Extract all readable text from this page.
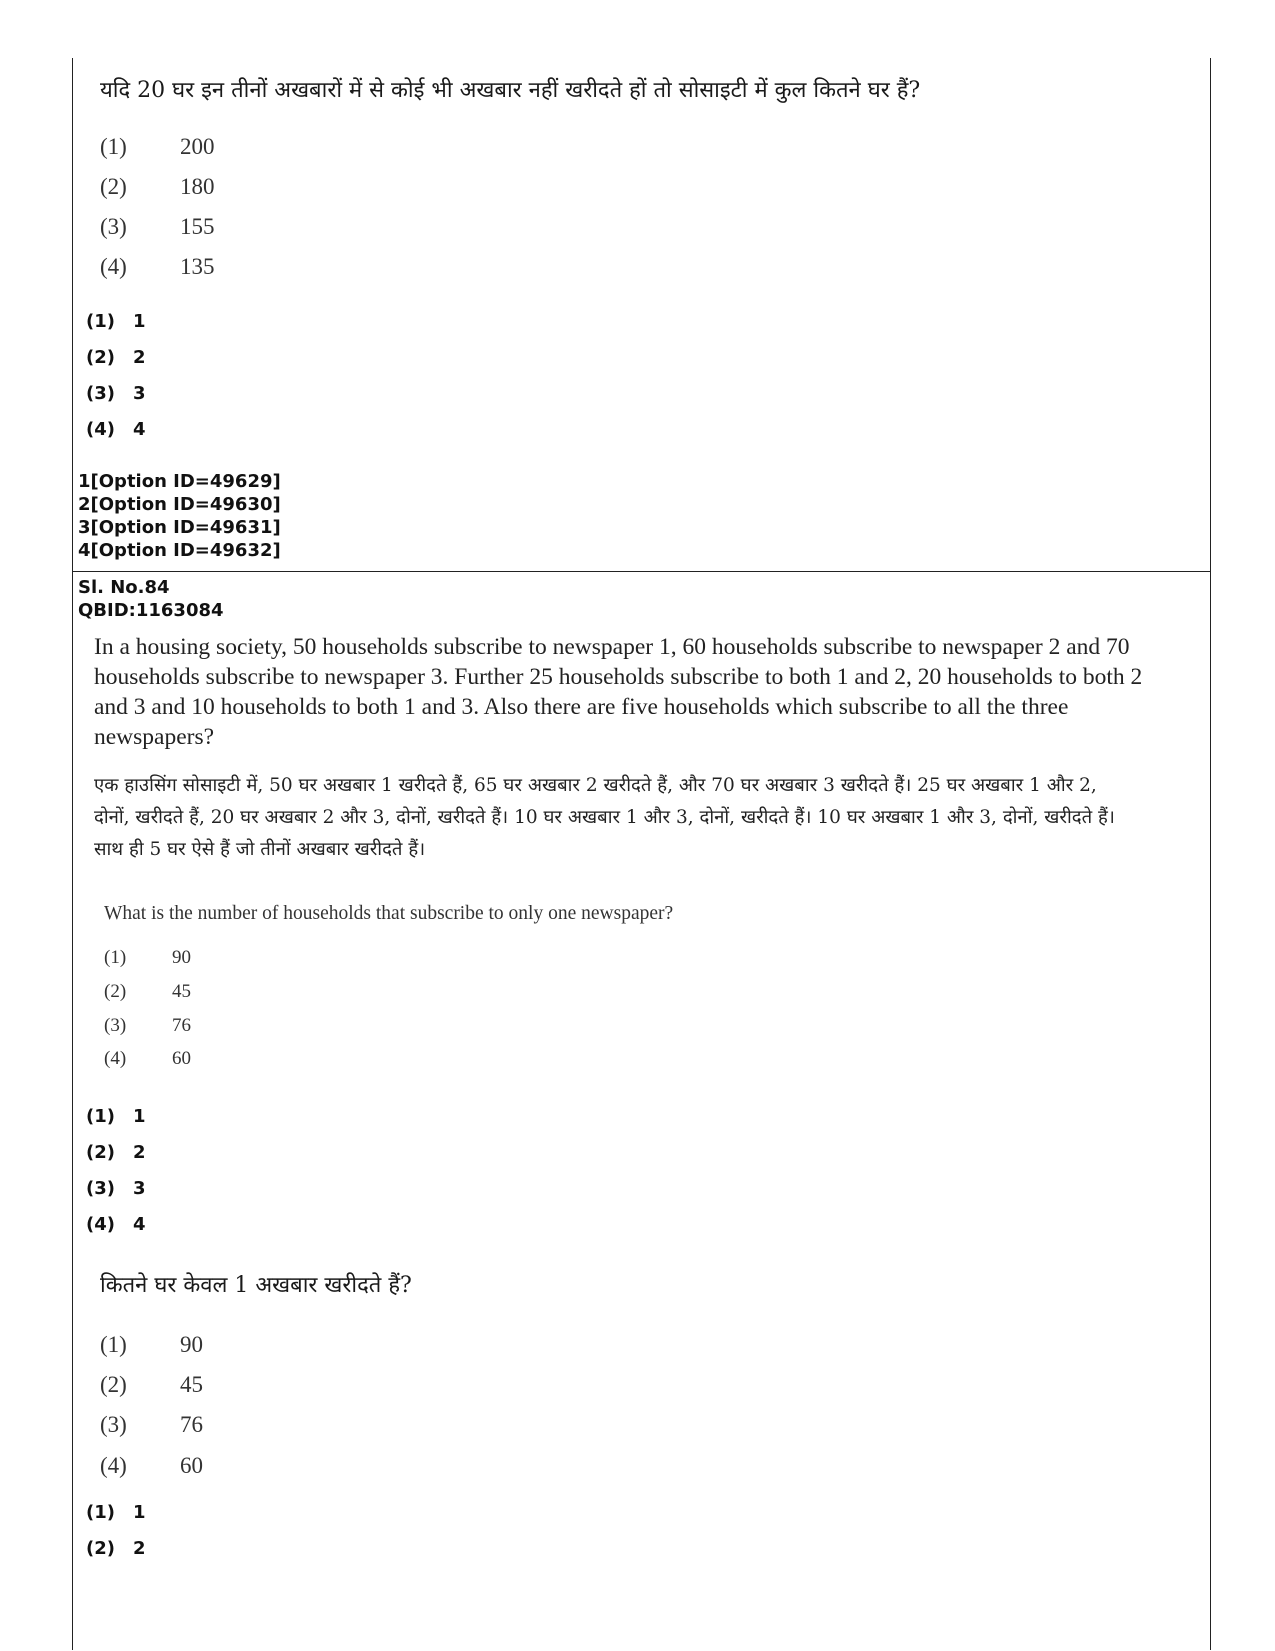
यदि 20 घर इन तीनों अखबारों में से कोई भी अखबार नहीं खरीदते हों तो सोसाइटी में कुल कितने घर हैं?

(1) 200
(2) 180
(3) 155
(4) 135
(1) 1
(2) 2
(3) 3
(4) 4
1[Option ID=49629]
2[Option ID=49630]
3[Option ID=49631]
4[Option ID=49632]
Sl. No.84
QBID:1163084

In a housing society, 50 households subscribe to newspaper 1, 60 households subscribe to newspaper 2 and 70 households subscribe to newspaper 3. Further 25 households subscribe to both 1 and 2, 20 households to both 2 and 3 and 10 households to both 1 and 3. Also there are five households which subscribe to all the three newspapers?

एक हाउसिंग सोसाइटी में, 50 घर अखबार 1 खरीदते हैं, 65 घर अखबार 2 खरीदते हैं, और 70 घर अखबार 3 खरीदते हैं। 25 घर अखबार 1 और 2, दोनों, खरीदते हैं, 20 घर अखबार 2 और 3, दोनों, खरीदते हैं। 10 घर अखबार 1 और 3, दोनों, खरीदते हैं। 10 घर अखबार 1 और 3, दोनों, खरीदते हैं। साथ ही 5 घर ऐसे हैं जो तीनों अखबार खरीदते हैं।

What is the number of households that subscribe to only one newspaper?

(1) 90
(2) 45
(3) 76
(4) 60
(1) 1
(2) 2
(3) 3
(4) 4

कितने घर केवल 1 अखबार खरीदते हैं?

(1) 90
(2) 45
(3) 76
(4) 60
(1) 1
(2) 2
